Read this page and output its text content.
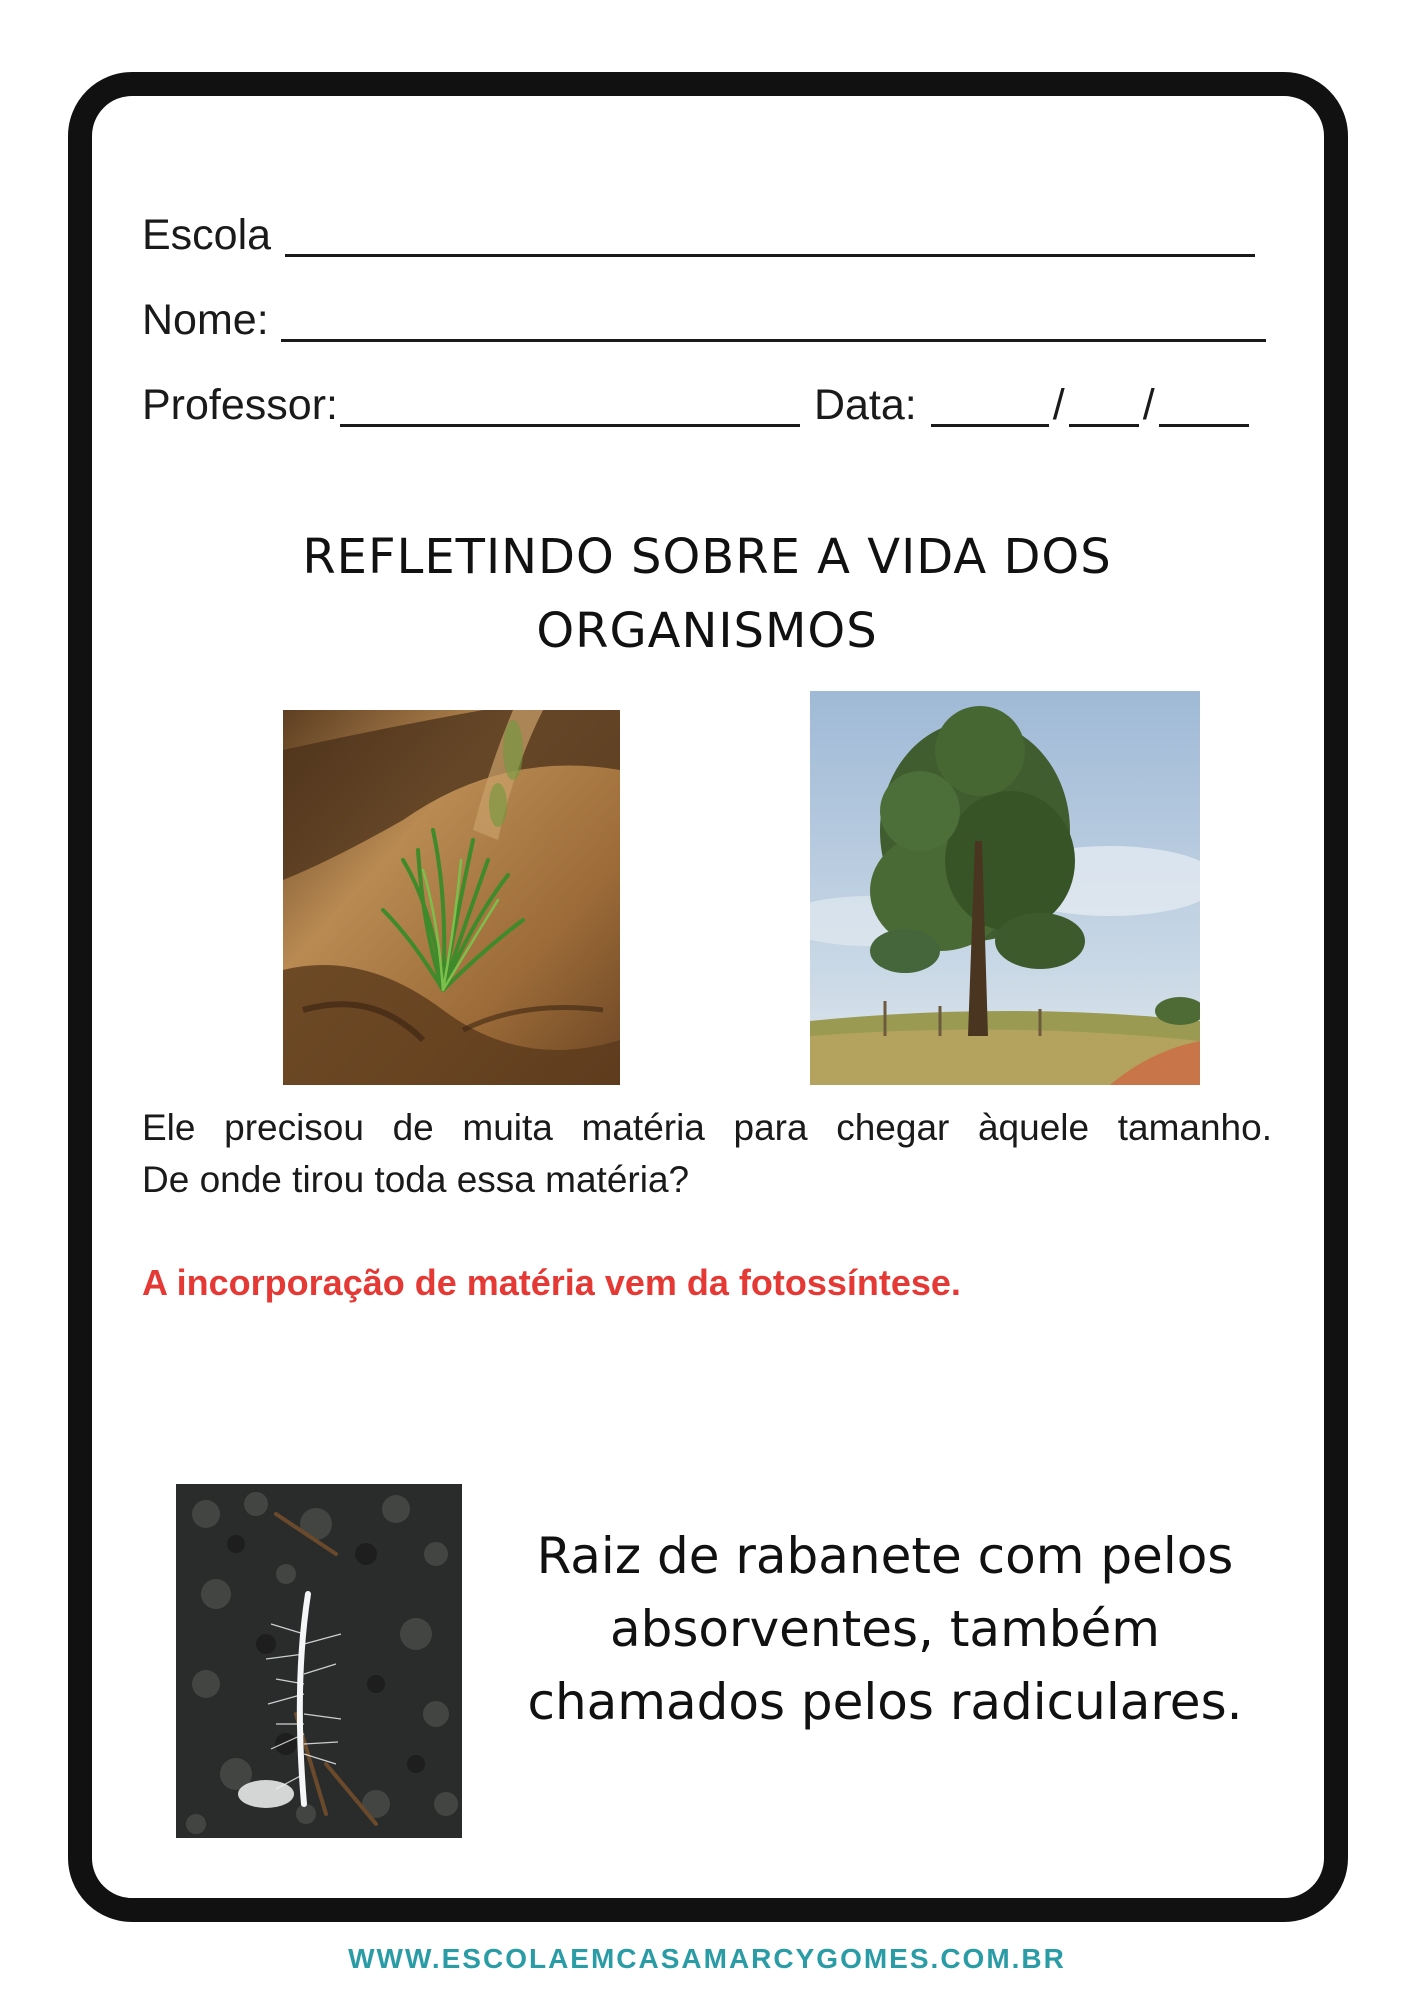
Escola
Nome:
Professor:	Data:	/ /
REFLETINDO SOBRE A VIDA DOS
ORGANISMOS
Ele precisou de muita matéria para chegar àquele tamanho.
De onde tirou toda essa matéria?
A incorporação de matéria vem da fotossíntese.
Raiz de rabanete com pelos
absorventes, também
chamados pelos radiculares.
WWW.ESCOLAEMCASAMARCYGOMES.COM.BR
